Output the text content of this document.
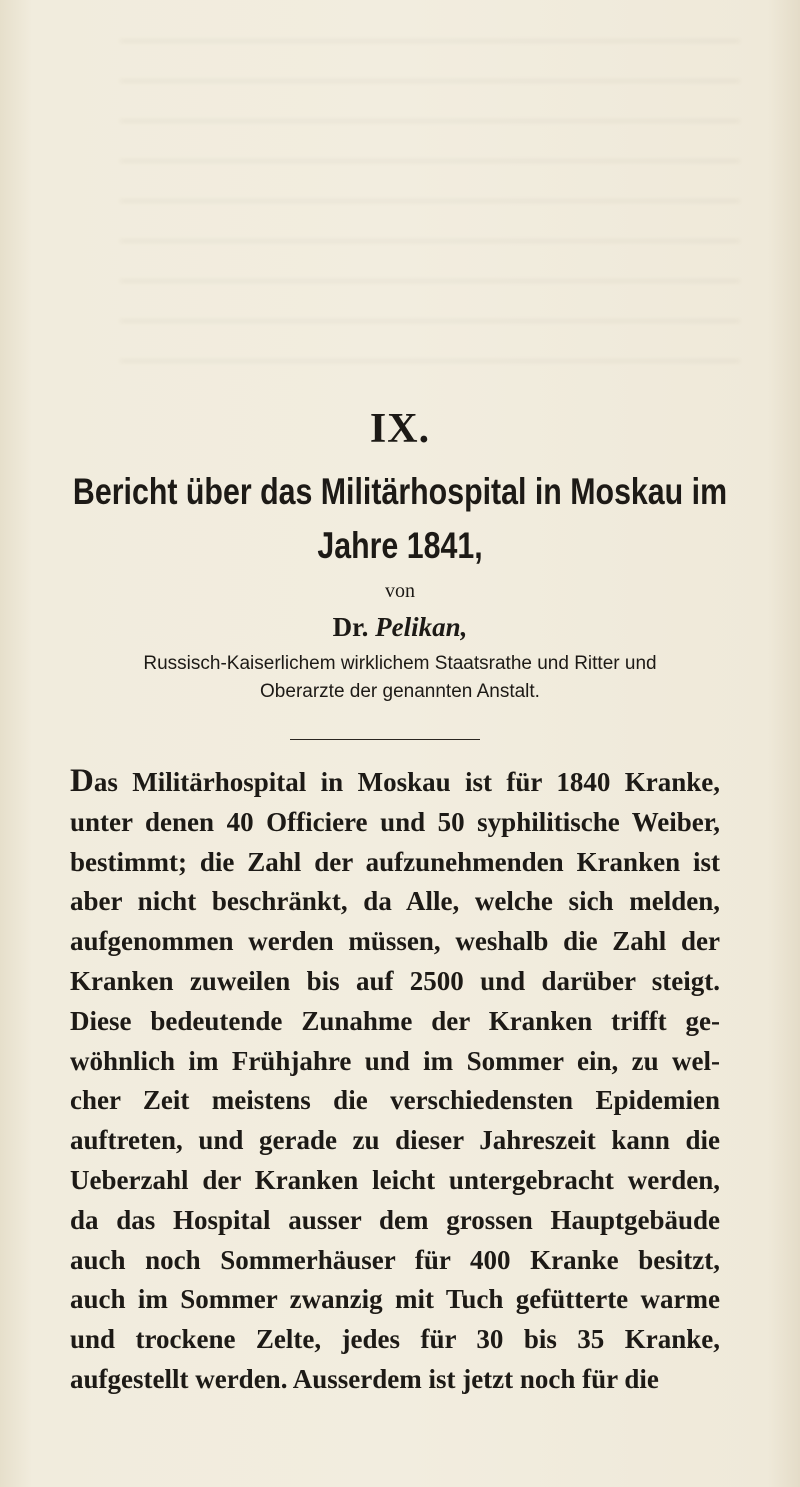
IX.
Bericht über das Militärhospital in Moskau im
Jahre 1841,
von
Dr. Pelikan,
Russisch-Kaiserlichem wirklichem Staatsrathe und Ritter und
Oberarzte der genannten Anstalt.
Das Militärhospital in Moskau ist für 1840 Kranke,
unter denen 40 Officiere und 50 syphilitische Weiber,
bestimmt; die Zahl der aufzunehmenden Kranken ist
aber nicht beschränkt, da Alle, welche sich melden,
aufgenommen werden müssen, weshalb die Zahl der
Kranken zuweilen bis auf 2500 und darüber steigt.
Diese bedeutende Zunahme der Kranken trifft ge-
wöhnlich im Frühjahre und im Sommer ein, zu wel-
cher Zeit meistens die verschiedensten Epidemien
auftreten, und gerade zu dieser Jahreszeit kann die
Ueberzahl der Kranken leicht untergebracht werden,
da das Hospital ausser dem grossen Hauptgebäude
auch noch Sommerhäuser für 400 Kranke besitzt,
auch im Sommer zwanzig mit Tuch gefütterte warme
und trockene Zelte, jedes für 30 bis 35 Kranke,
aufgestellt werden. Ausserdem ist jetzt noch für die
